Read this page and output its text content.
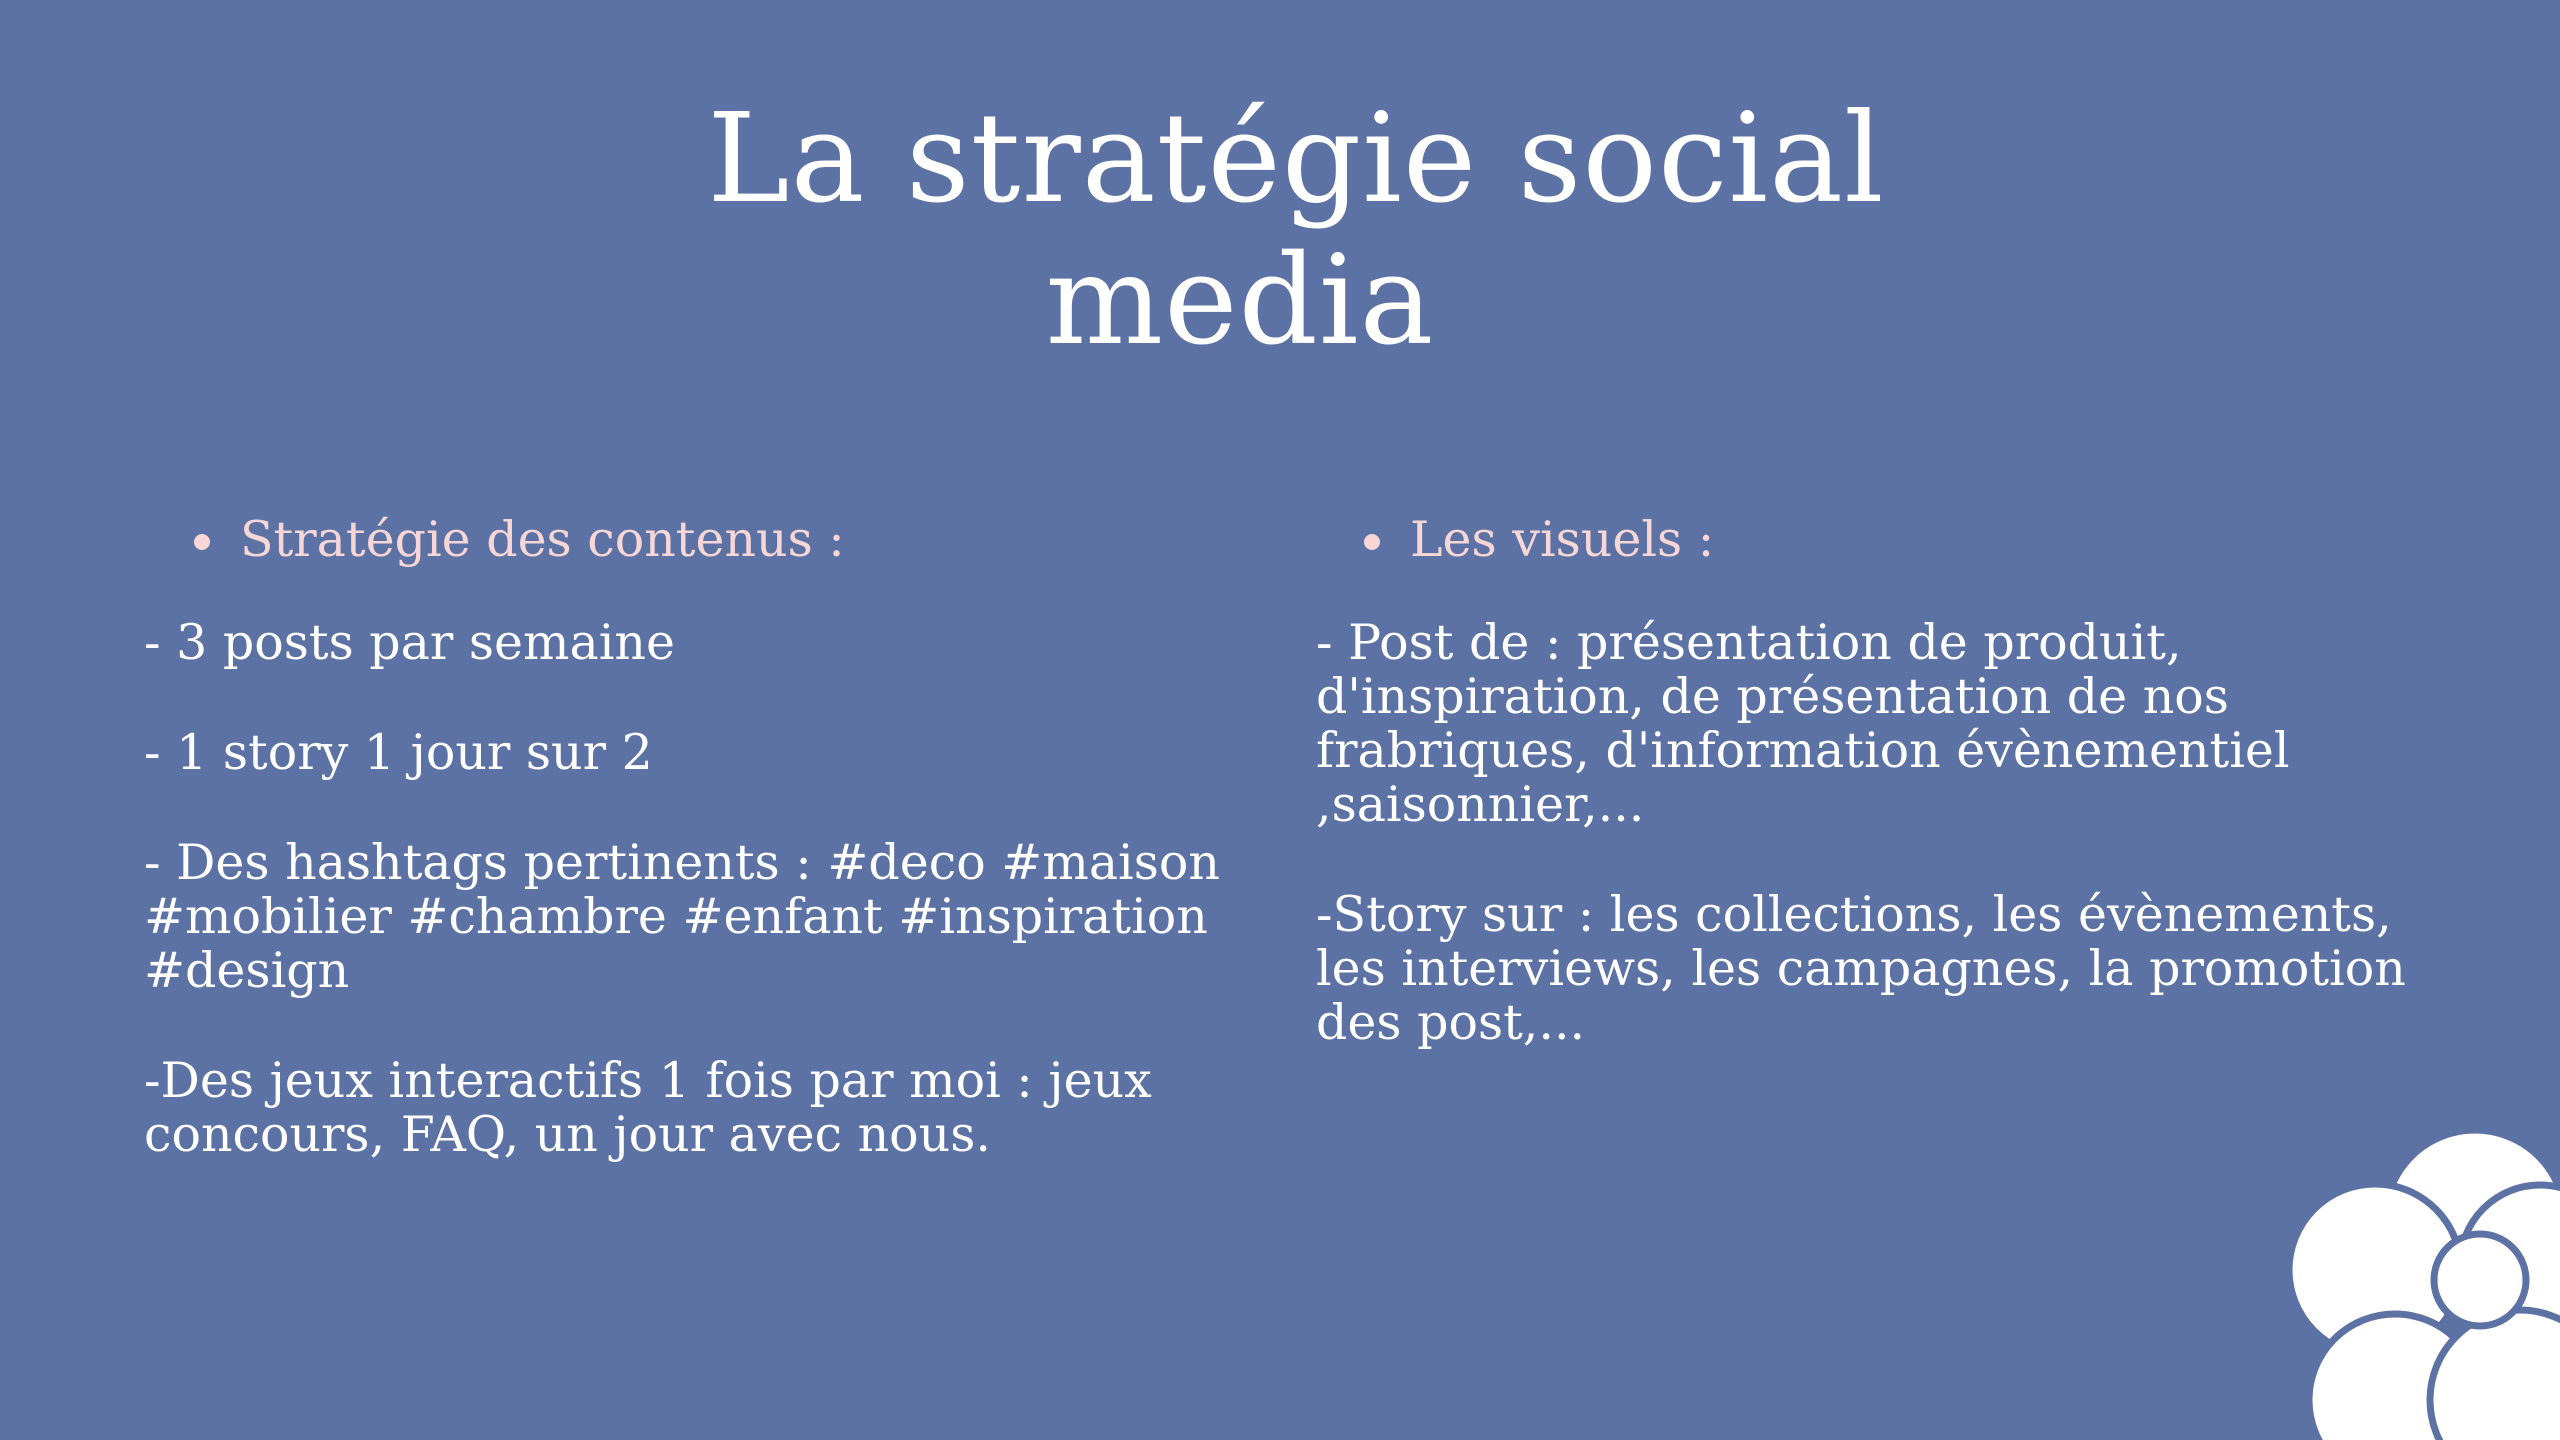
La stratégie social
media
Stratégie des contenus :

- 3 posts par semaine

- 1 story 1 jour sur 2

- Des hashtags pertinents : #deco #maison #mobilier #chambre #enfant #inspiration #design

-Des jeux interactifs 1 fois par moi : jeux concours, FAQ, un jour avec nous.

Les visuels :

- Post de : présentation de produit, d'inspiration, de présentation de nos frabriques, d'information évènementiel ,saisonnier,...

-Story sur : les collections, les évènements, les interviews, les campagnes, la promotion des post,...
